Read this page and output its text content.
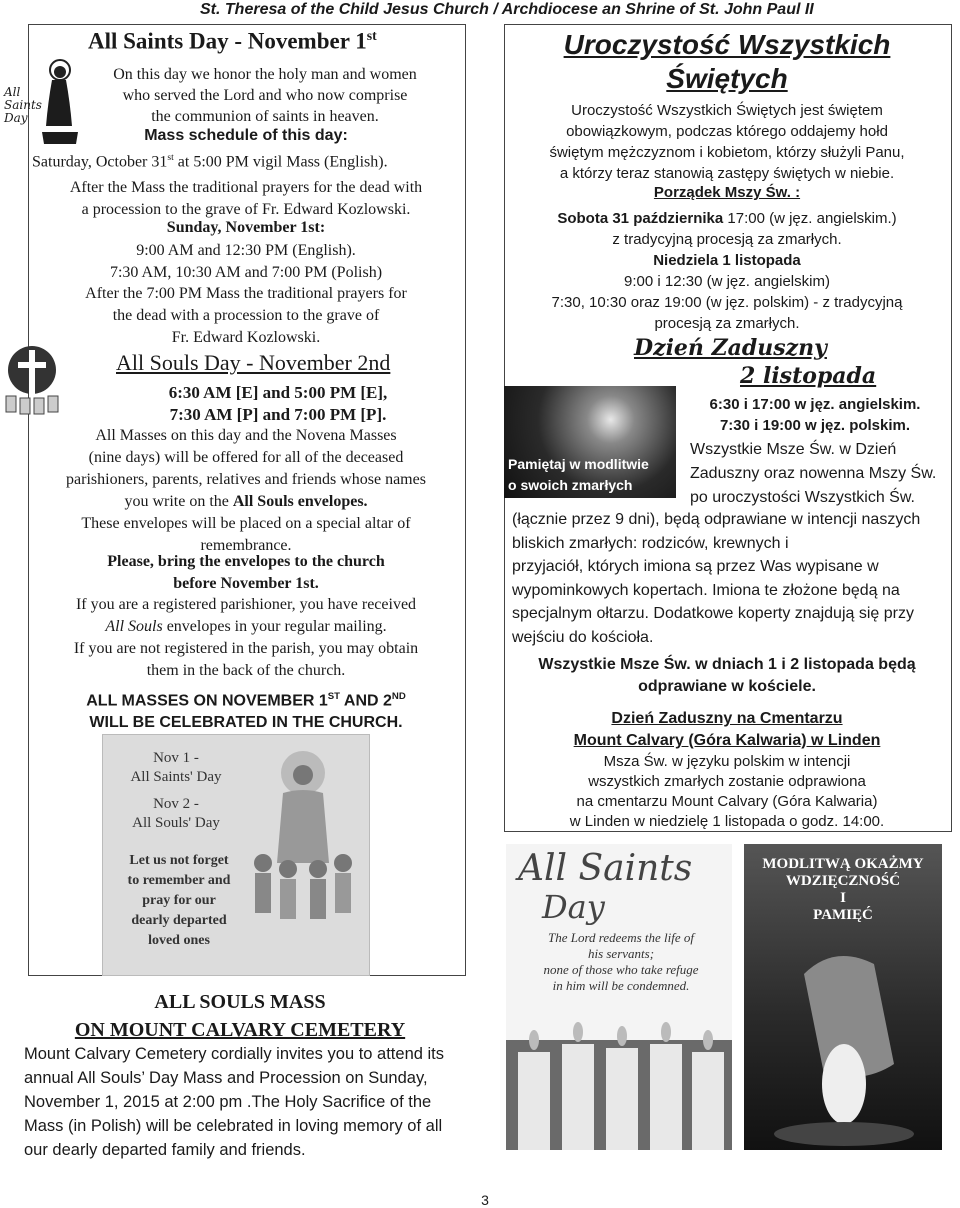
St. Theresa of the Child Jesus Church / Archdiocese an Shrine of St. John Paul II
All Saints Day - November 1st
All Saints Day
On this day we honor the holy man and women
who served the Lord and who now comprise
the communion of saints in heaven.
Mass schedule of this day:
Saturday, October 31st at 5:00 PM vigil Mass (English).
After the Mass the traditional prayers for the dead with
a procession to the grave of Fr. Edward Kozlowski.
Sunday, November 1st:
9:00 AM and 12:30 PM (English).
7:30 AM, 10:30 AM and 7:00 PM (Polish)
After the 7:00 PM Mass the traditional prayers for
the dead with a procession to the grave of
Fr. Edward Kozlowski.
All Souls Day - November 2nd
6:30 AM [E] and 5:00 PM [E],
7:30 AM [P] and 7:00 PM [P].
All Masses on this day and the Novena Masses
(nine days) will be offered for all of the deceased
parishioners, parents, relatives and friends whose names
you write on the All Souls envelopes.
These envelopes will be placed on a special altar of
remembrance.
Please, bring the envelopes to the church
before November 1st.
If you are a registered parishioner, you have received
All Souls envelopes in your regular mailing.
If you are not registered in the parish, you may obtain
them in the back of the church.
ALL MASSES ON NOVEMBER 1ST AND 2ND
WILL BE CELEBRATED IN THE CHURCH.
Nov 1 -
All Saints' Day
Nov 2 -
All Souls' Day
Let us not forget
to remember and
pray for our
dearly departed
loved ones
ALL SOULS MASS
ON MOUNT CALVARY CEMETERY
Mount Calvary Cemetery cordially invites you to attend its
annual All Souls’ Day Mass and Procession on Sunday,
November 1, 2015 at 2:00 pm .The Holy Sacrifice of the
Mass (in Polish) will be celebrated in loving memory of all
our dearly departed family and friends.
Uroczystość Wszystkich
Świętych
Uroczystość Wszystkich Świętych jest świętem
obowiązkowym, podczas którego oddajemy hołd
świętym mężczyznom i kobietom, którzy służyli Panu,
a którzy teraz stanowią zastępy świętych w niebie.
Porządek Mszy Św. :
Sobota 31 października 17:00 (w jęz. angielskim.)
z tradycyjną procesją za zmarłych.
Niedziela 1 listopada
9:00 i 12:30 (w jęz. angielskim)
7:30, 10:30 oraz 19:00 (w jęz. polskim) - z tradycyjną
procesją za zmarłych.
Dzień Zaduszny
2 listopada
Pamiętaj w modlitwie
o swoich zmarłych
6:30 i 17:00 w jęz. angielskim.
7:30 i 19:00 w jęz. polskim.
Wszystkie Msze Św. w Dzień
Zaduszny oraz nowenna Mszy Św.
po uroczystości Wszystkich Św.
(łącznie przez 9 dni), będą odprawiane w intencji naszych
bliskich zmarłych: rodziców, krewnych i
przyjaciół, których imiona są przez Was wypisane w
wypominkowych kopertach. Imiona te złożone będą na
specjalnym ołtarzu. Dodatkowe koperty znajdują się przy
wejściu do kościoła.
Wszystkie Msze Św. w dniach 1 i 2 listopada będą
odprawiane w kościele.
Dzień Zaduszny na Cmentarzu
Mount Calvary (Góra Kalwaria) w Linden
Msza Św. w języku polskim w intencji
wszystkich zmarłych zostanie odprawiona
na cmentarzu Mount Calvary (Góra Kalwaria)
w Linden w niedzielę 1 listopada o godz. 14:00.
All Saints
Day
The Lord redeems the life of
his servants;
none of those who take refuge
in him will be condemned.
MODLITWĄ OKAŻMY
WDZIĘCZNOŚĆ
I
PAMIĘĆ
3
